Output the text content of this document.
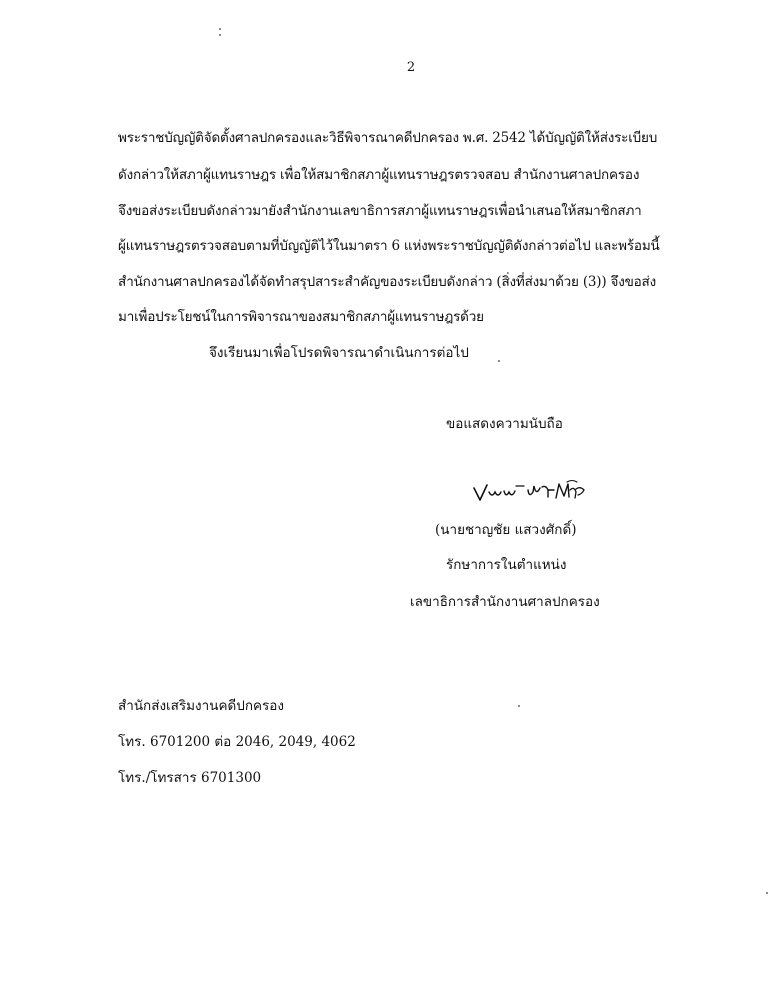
2
พระราชบัญญัติจัดตั้งศาลปกครองและวิธีพิจารณาคดีปกครอง พ.ศ. 2542 ได้บัญญัติให้ส่งระเบียบ
ดังกล่าวให้สภาผู้แทนราษฎร เพื่อให้สมาชิกสภาผู้แทนราษฎรตรวจสอบ สำนักงานศาลปกครอง
จึงขอส่งระเบียบดังกล่าวมายังสำนักงานเลขาธิการสภาผู้แทนราษฎรเพื่อนำเสนอให้สมาชิกสภา
ผู้แทนราษฎรตรวจสอบตามที่บัญญัติไว้ในมาตรา 6 แห่งพระราชบัญญัติดังกล่าวต่อไป และพร้อมนี้
สำนักงานศาลปกครองได้จัดทำสรุปสาระสำคัญของระเบียบดังกล่าว (สิ่งที่ส่งมาด้วย (3)) จึงขอส่ง
มาเพื่อประโยชน์ในการพิจารณาของสมาชิกสภาผู้แทนราษฎรด้วย
จึงเรียนมาเพื่อโปรดพิจารณาดำเนินการต่อไป
ขอแสดงความนับถือ
(นายชาญชัย แสวงศักดิ์)
รักษาการในตำแหน่ง
เลขาธิการสำนักงานศาลปกครอง
สำนักส่งเสริมงานคดีปกครอง
โทร. 6701200 ต่อ 2046, 2049, 4062
โทร./โทรสาร 6701300
